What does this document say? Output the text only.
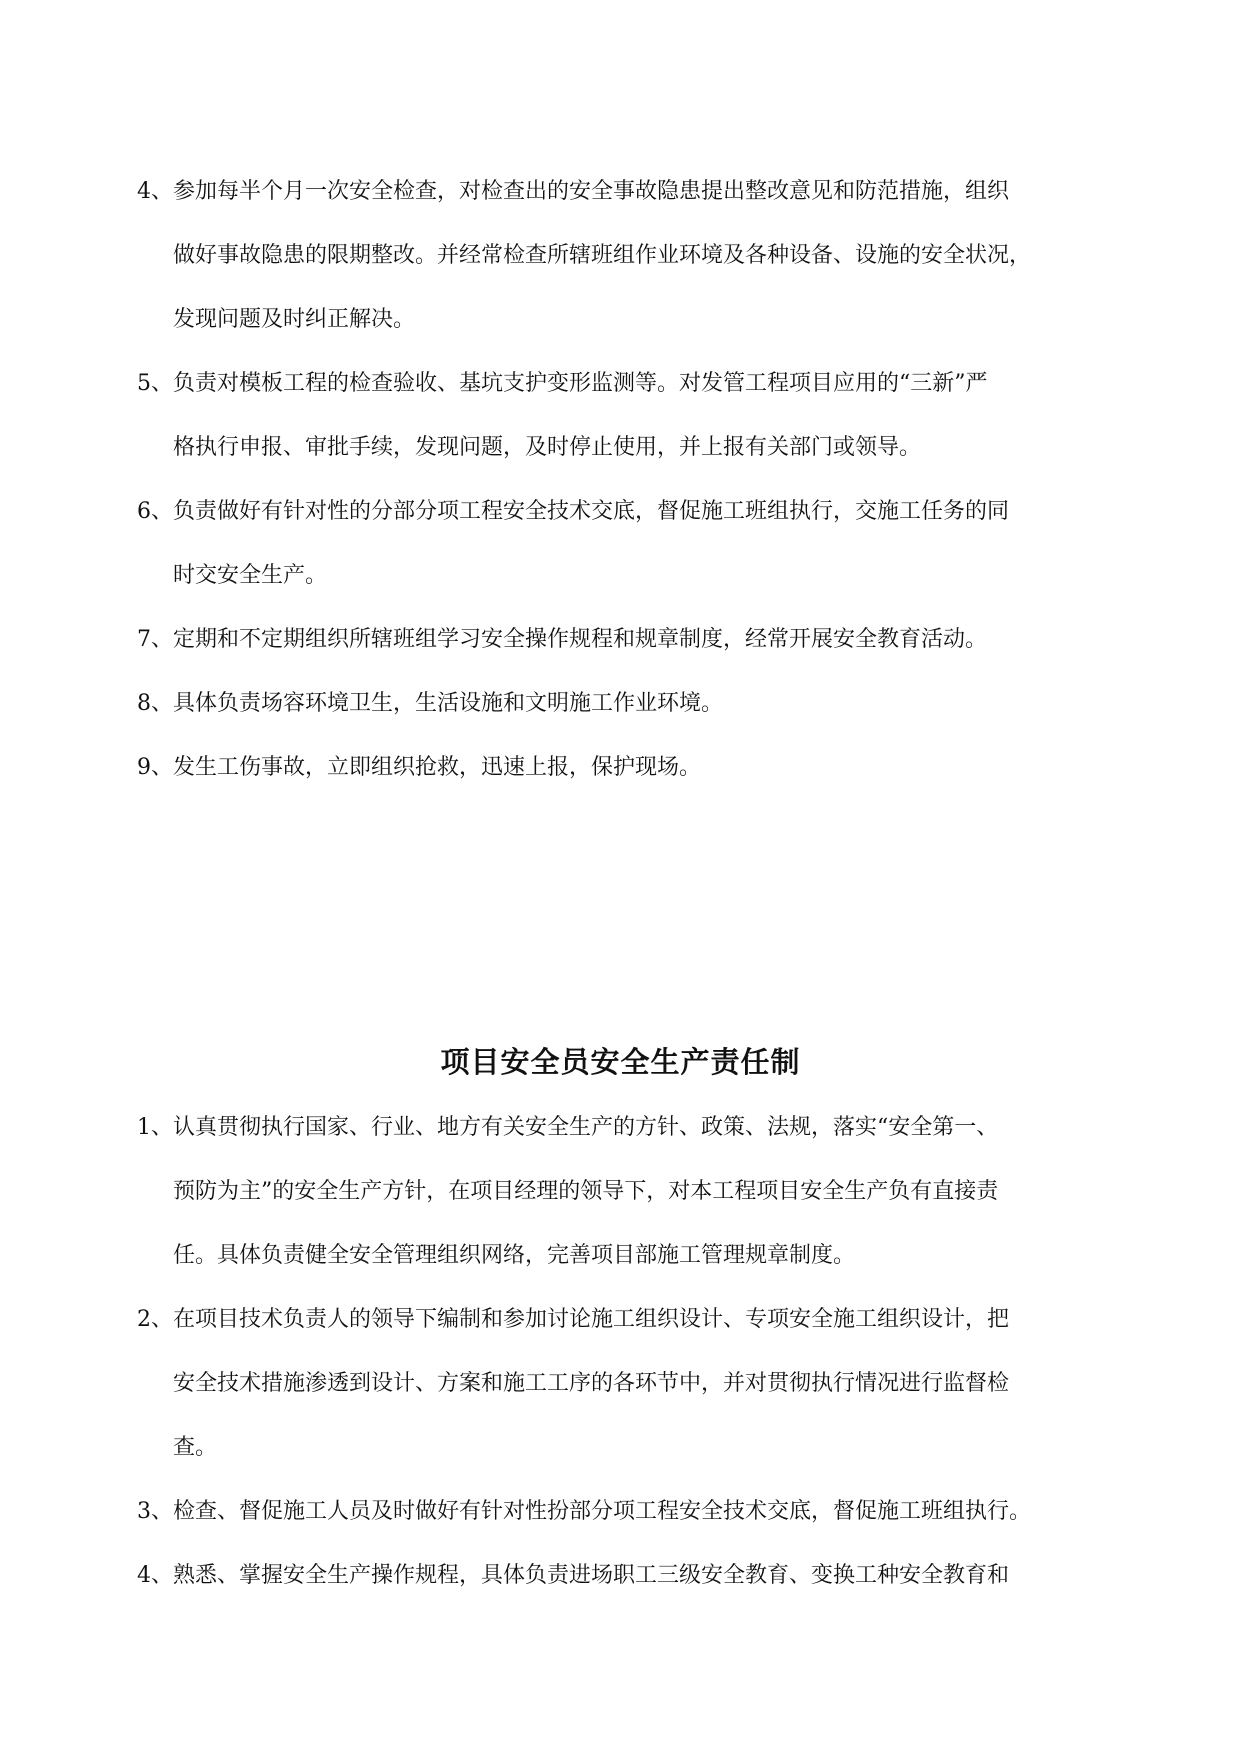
4、 参加每半个月一次安全检查，对检查出的安全事故隐患提出整改意见和防范措施，组织
做好事故隐患的限期整改。并经常检查所辖班组作业环境及各种设备、设施的安全状况，
发现问题及时纠正解决。
5、 负责对模板工程的检查验收、基坑支护变形监测等。对发管工程项目应用的“三新”严
格执行申报、审批手续，发现问题，及时停止使用，并上报有关部门或领导。
6、 负责做好有针对性的分部分项工程安全技术交底，督促施工班组执行，交施工任务的同
时交安全生产。
7、 定期和不定期组织所辖班组学习安全操作规程和规章制度，经常开展安全教育活动。
8、 具体负责场容环境卫生，生活设施和文明施工作业环境。
9、 发生工伤事故，立即组织抢救，迅速上报，保护现场。
项目安全员安全生产责任制
1、 认真贯彻执行国家、行业、地方有关安全生产的方针、政策、法规，落实“安全第一、
预防为主”的安全生产方针，在项目经理的领导下，对本工程项目安全生产负有直接责
任。具体负责健全安全管理组织网络，完善项目部施工管理规章制度。
2、 在项目技术负责人的领导下编制和参加讨论施工组织设计、专项安全施工组织设计，把
安全技术措施渗透到设计、方案和施工工序的各环节中，并对贯彻执行情况进行监督检
查。
3、 检查、督促施工人员及时做好有针对性扮部分项工程安全技术交底，督促施工班组执行。
4、 熟悉、掌握安全生产操作规程，具体负责进场职工三级安全教育、变换工种安全教育和
